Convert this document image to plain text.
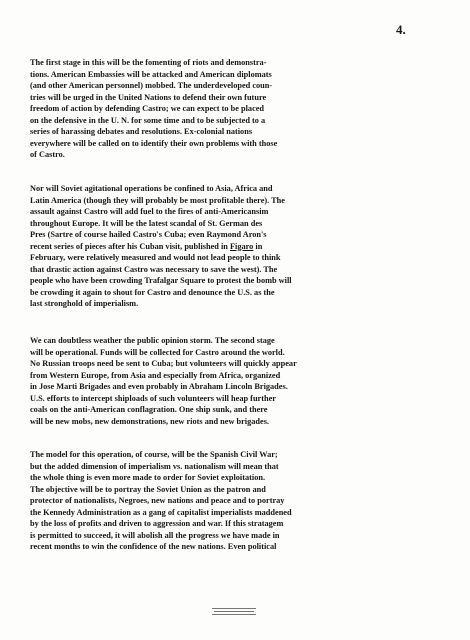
4.
The first stage in this will be the fomenting of riots and demonstra-
tions. American Embassies will be attacked and American diplomats
(and other American personnel) mobbed. The underdeveloped coun-
tries will be urged in the United Nations to defend their own future
freedom of action by defending Castro; we can expect to be placed
on the defensive in the U. N. for some time and to be subjected to a
series of harassing debates and resolutions. Ex-colonial nations
everywhere will be called on to identify their own problems with those
of Castro.
Nor will Soviet agitational operations be confined to Asia, Africa and
Latin America (though they will probably be most profitable there). The
assault against Castro will add fuel to the fires of anti-Americansim
throughout Europe. It will be the latest scandal of St. German des
Pres (Sartre of course hailed Castro's Cuba; even Raymond Aron's
recent series of pieces after his Cuban visit, published in Figaro in
February, were relatively measured and would not lead people to think
that drastic action against Castro was necessary to save the west). The
people who have been crowding Trafalgar Square to protest the bomb will
be crowding it again to shout for Castro and denounce the U.S. as the
last stronghold of imperialism.
We can doubtless weather the public opinion storm. The second stage
will be operational. Funds will be collected for Castro around the world.
No Russian troops need be sent to Cuba; but volunteers will quickly appear
from Western Europe, from Asia and especially from Africa, organized
in Jose Marti Brigades and even probably in Abraham Lincoln Brigades.
U.S. efforts to intercept shiploads of such volunteers will heap further
coals on the anti-American conflagration. One ship sunk, and there
will be new mobs, new demonstrations, new riots and new brigades.
The model for this operation, of course, will be the Spanish Civil War;
but the added dimension of imperialism vs. nationalism will mean that
the whole thing is even more made to order for Soviet exploitation.
The objective will be to portray the Soviet Union as the patron and
protector of nationalists, Negroes, new nations and peace and to portray
the Kennedy Administration as a gang of capitalist imperialists maddened
by the loss of profits and driven to aggression and war. If this stratagem
is permitted to succeed, it will abolish all the progress we have made in
recent months to win the confidence of the new nations. Even political
